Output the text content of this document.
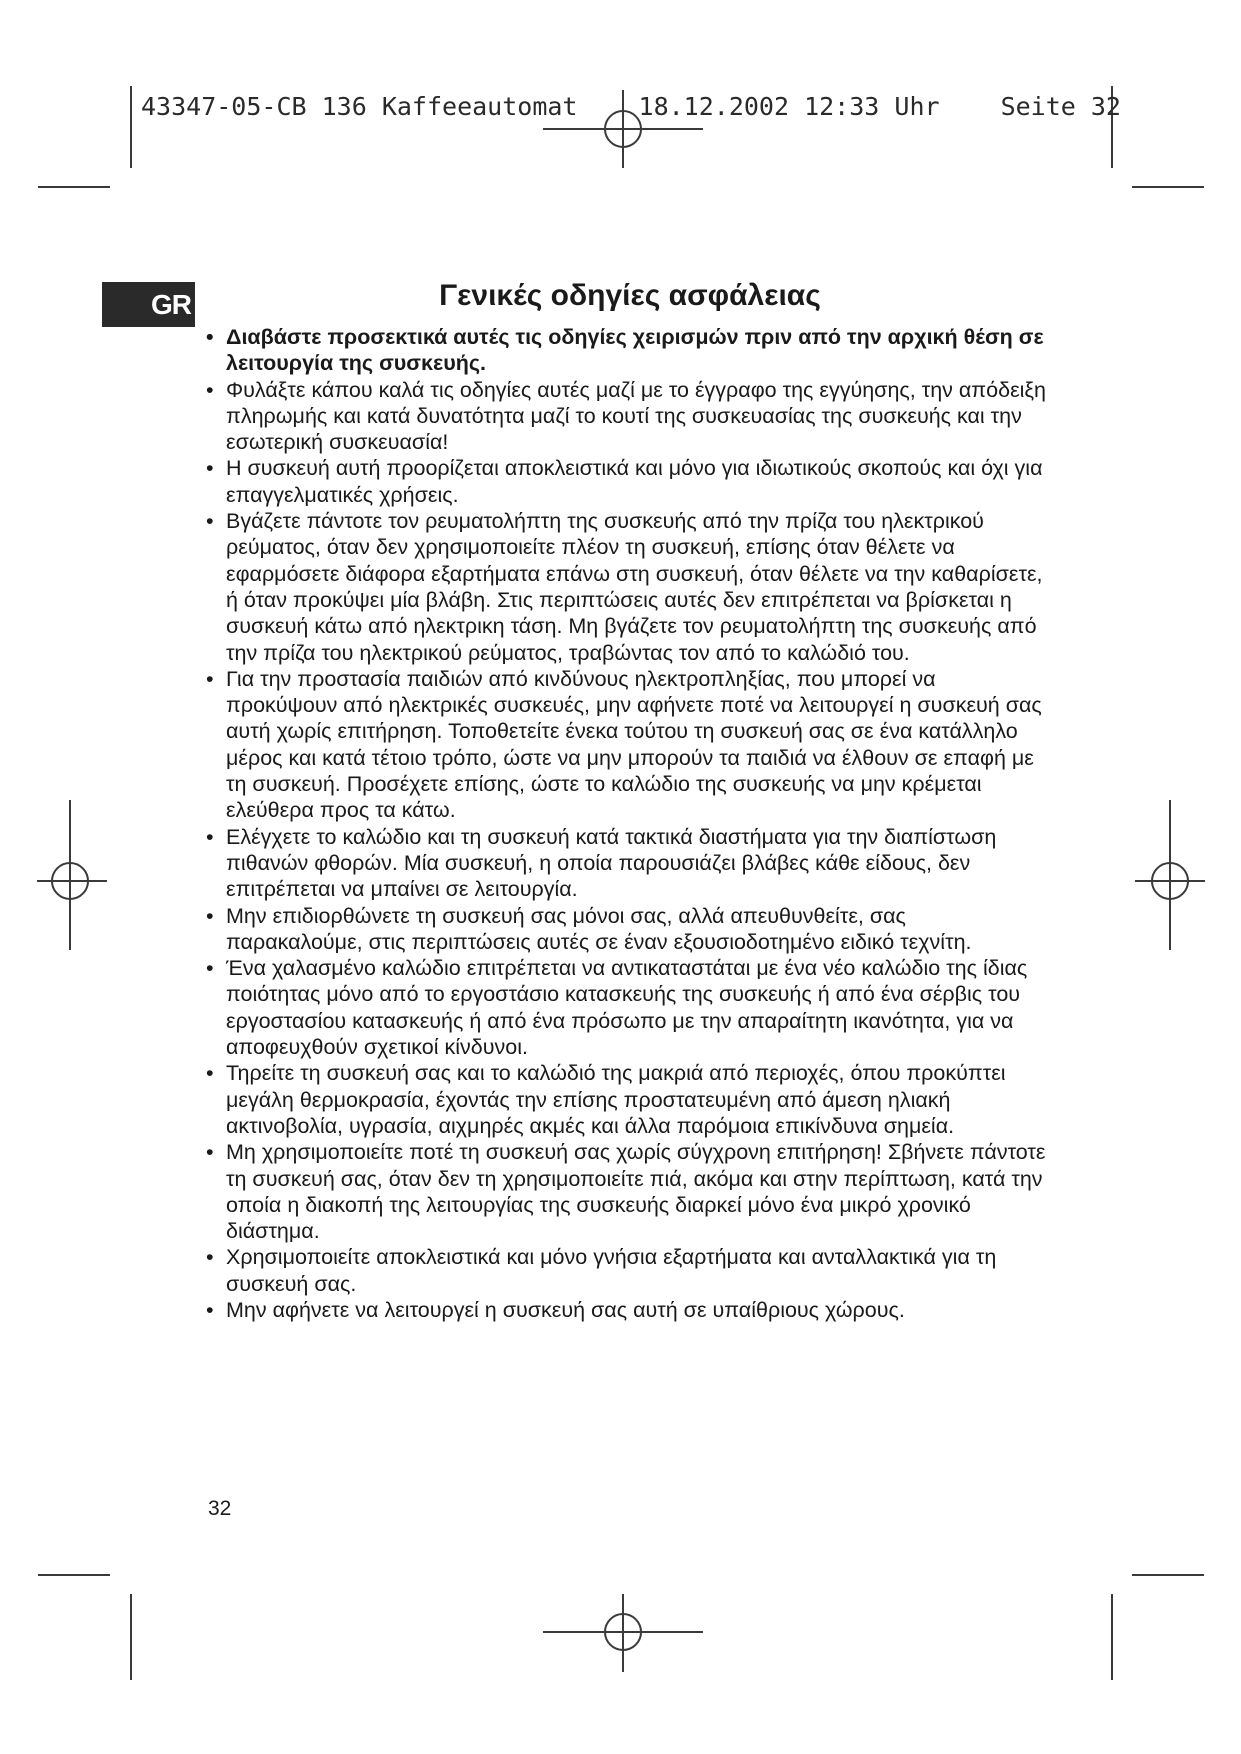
43347-05-CB 136 Kaffeeautomat 18.12.2002 12:33 Uhr Seite 32
GR	Γενικές οδηγίες ασφάλειας
• Διαβάστε προσεκτικά αυτές τις οδηγίες χειρισμών πριν από την αρχική θέση σε λειτουργία της συσκευής.
• Φυλάξτε κάπου καλά τις οδηγίες αυτές μαζί με το έγγραφο της εγγύησης, την απόδειξη πληρωμής και κατά δυνατότητα μαζί το κουτί της συσκευασίας της συσκευής και την εσωτερική συσκευασία!
• Η συσκευή αυτή προορίζεται αποκλειστικά και μόνο για ιδιωτικούς σκοπούς και όχι για επαγγελματικές χρήσεις.
• Βγάζετε πάντοτε τον ρευματολήπτη της συσκευής από την πρίζα του ηλεκτρικού ρεύματος, όταν δεν χρησιμοποιείτε πλέον τη συσκευή, επίσης όταν θέλετε να εφαρμόσετε διάφορα εξαρτήματα επάνω στη συσκευή, όταν θέλετε να την καθαρίσετε, ή όταν προκύψει μία βλάβη. Στις περιπτώσεις αυτές δεν επιτρέπεται να βρίσκεται η συσκευή κάτω από ηλεκτρικη τάση. Μη βγάζετε τον ρευματολήπτη της συσκευής από την πρίζα του ηλεκτρικού ρεύματος, τραβώντας τον από το καλώδιό του.
• Για την προστασία παιδιών από κινδύνους ηλεκτροπληξίας, που μπορεί να προκύψουν από ηλεκτρικές συσκευές, μην αφήνετε ποτέ να λειτουργεί η συσκευή σας αυτή χωρίς επιτήρηση. Τοποθετείτε ένεκα τούτου τη συσκευή σας σε ένα κατάλληλο μέρος και κατά τέτοιο τρόπο, ώστε να μην μπορούν τα παιδιά να έλθουν σε επαφή με τη συσκευή. Προσέχετε επίσης, ώστε το καλώδιο της συσκευής να μην κρέμεται ελεύθερα προς τα κάτω.
• Ελέγχετε το καλώδιο και τη συσκευή κατά τακτικά διαστήματα για την διαπίστωση πιθανών φθορών. Μία συσκευή, η οποία παρουσιάζει βλάβες κάθε είδους, δεν επιτρέπεται να μπαίνει σε λειτουργία.
• Μην επιδιορθώνετε τη συσκευή σας μόνοι σας, αλλά απευθυνθείτε, σας παρακαλούμε, στις περιπτώσεις αυτές σε έναν εξουσιοδοτημένο ειδικό τεχνίτη.
• Ένα χαλασμένο καλώδιο επιτρέπεται να αντικαταστάται με ένα νέο καλώδιο της ίδιας ποιότητας μόνο από το εργοστάσιο κατασκευής της συσκευής ή από ένα σέρβις του εργοστασίου κατασκευής ή από ένα πρόσωπο με την απαραίτητη ικανότητα, για να αποφευχθούν σχετικοί κίνδυνοι.
• Τηρείτε τη συσκευή σας και το καλώδιό της μακριά από περιοχές, όπου προκύπτει μεγάλη θερμοκρασία, έχοντάς την επίσης προστατευμένη από άμεση ηλιακή ακτινοβολία, υγρασία, αιχμηρές ακμές και άλλα παρόμοια επικίνδυνα σημεία.
• Μη χρησιμοποιείτε ποτέ τη συσκευή σας χωρίς σύγχρονη επιτήρηση! Σβήνετε πάντοτε τη συσκευή σας, όταν δεν τη χρησιμοποιείτε πιά, ακόμα και στην περίπτωση, κατά την οποία η διακοπή της λειτουργίας της συσκευής διαρκεί μόνο ένα μικρό χρονικό διάστημα.
• Χρησιμοποιείτε αποκλειστικά και μόνο γνήσια εξαρτήματα και ανταλλακτικά για τη συσκευή σας.
• Μην αφήνετε να λειτουργεί η συσκευή σας αυτή σε υπαίθριους χώρους.

32
